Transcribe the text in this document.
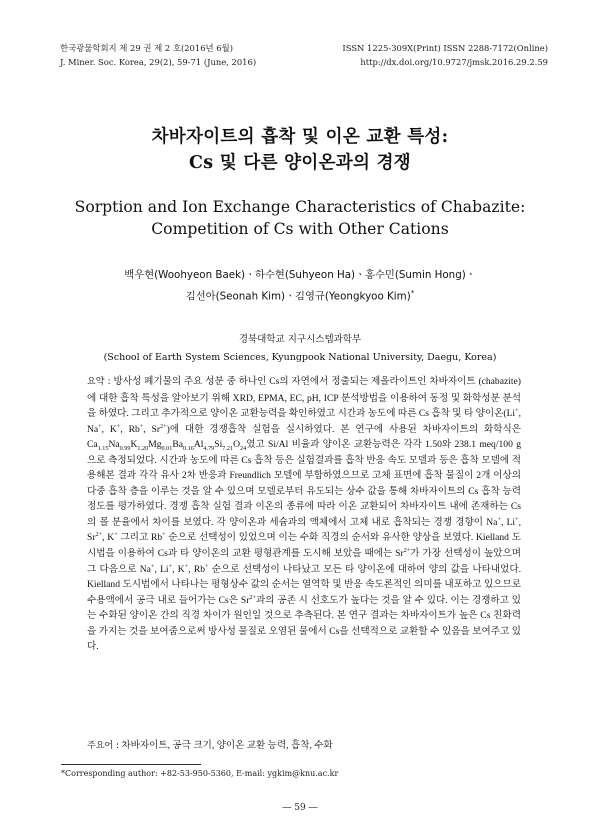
한국광물학회지 제 29 권 제 2 호(2016년 6월)
J. Miner. Soc. Korea, 29(2), 59-71 (June, 2016)
ISSN 1225-309X(Print) ISSN 2288-7172(Online)
http://dx.doi.org/10.9727/jmsk.2016.29.2.59
차바자이트의 흡착 및 이온 교환 특성:
Cs 및 다른 양이온과의 경쟁
Sorption and Ion Exchange Characteristics of Chabazite:
Competition of Cs with Other Cations
백우현(Woohyeon Baek)ㆍ하수현(Suhyeon Ha)ㆍ홍수민(Sumin Hong)ㆍ
김선아(Seonah Kim)ㆍ김영규(Yeongkyoo Kim)*
경북대학교 지구시스템과학부
(School of Earth System Sciences, Kyungpook National University, Daegu, Korea)
요약 : 방사성 폐기물의 주요 성분 중 하나인 Cs의 자연에서 정출되는 제올라이트인 차바자이트 (chabazite)에 대한 흡착 특성을 알아보기 위해 XRD, EPMA, EC, pH, ICP 분석방법을 이용하여 동정 및 화학성분 분석을 하였다. 그리고 추가적으로 양이온 교환능력을 확인하였고 시간과 농도에 따른 Cs 흡착 및 타 양이온(Li+, Na+, K+, Rb+, $Sr^{2+}$)에 대한 경쟁흡착 실험을 실시하였다. 본 연구에 사용된 차바자이트의 화학식은 $Ca_{1.15}Na_{0.99}K_{1.20}Mg_{0.01}Ba_{0.16}Al_{4.79}Si_{7.21}O_{24}$였고 Si/Al 비율과 양이온 교환능력은 각각 1.50와 238.1 meq/100 g으로 측정되었다. 시간과 농도에 따른 Cs 흡착 등은 실험결과를 흡착 반응 속도 모델과 등은 흡착 모델에 적용해본 결과 각각 유사 2차 반응과 Freundlich 모델에 부합하였으므로 고체 표면에 흡착 물질이 2개 이상의 다중 흡착 층을 이루는 것을 알 수 있으며 모델로부터 유도되는 상수 값을 통해 차바자이트의 Cs 흡착 능력정도를 평가하였다. 경쟁 흡착 실험 결과 이온의 종류에 따라 이온 교환되어 차바자이트 내에 존재하는 Cs의 몰 분율에서 차이를 보였다. 각 양이온과 세슘과의 액체에서 고체 내로 흡착되는 경쟁 경향이 Na+, Li+, $Sr^{2+}$, K+ 그리고 Rb+ 순으로 선택성이 있었으며 이는 수화 직경의 순서와 유사한 양상을 보였다. Kielland 도시법을 이용하여 Cs과 타 양이온의 교환 평형관계를 도시해 보았을 때에는 $Sr^{2+}$가 가장 선택성이 높았으며 그 다음으로 Na+, Li+, K+, Rb+ 순으로 선택성이 나타났고 모든 타 양이온에 대하여 양의 값을 나타내었다. Kielland 도시법에서 나타나는 평형상수 값의 순서는 열역학 및 반응 속도론적인 의미를 내포하고 있으므로 수용액에서 공극 내로 들어가는 Cs은 $Sr^{2+}$과의 공존 시 선호도가 높다는 것을 알 수 있다. 이는 경쟁하고 있는 수화된 양이온 간의 직경 차이가 원인일 것으로 추측된다. 본 연구 결과는 차바자이트가 높은 Cs 친화력을 가지는 것을 보여줌으로써 방사성 물질로 오염된 물에서 Cs을 선택적으로 교환할 수 있음을 보여주고 있다.
주요어 : 차바자이트, 공극 크기, 양이온 교환 능력, 흡착, 수화
*Corresponding author: +82-53-950-5360, E-mail: ygkim@knu.ac.kr
― 59 ―
